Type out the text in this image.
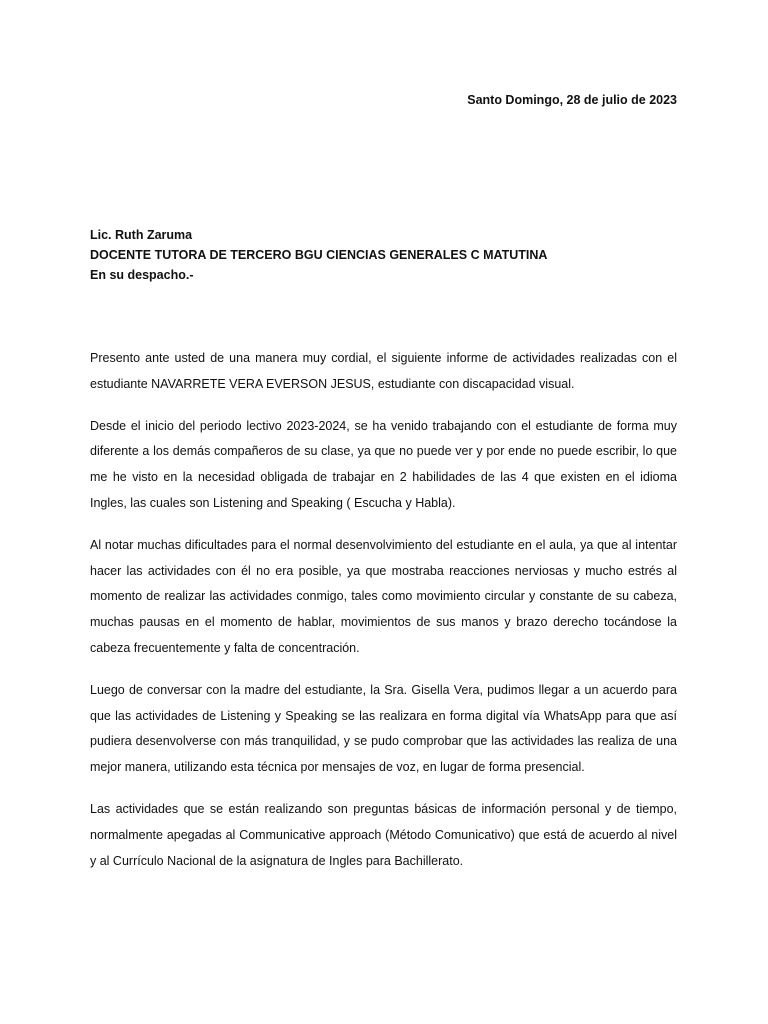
Santo Domingo, 28 de julio de 2023
Lic. Ruth Zaruma
DOCENTE TUTORA DE TERCERO BGU CIENCIAS GENERALES C MATUTINA
En su despacho.-

Presento ante usted de una manera muy cordial, el siguiente informe de actividades realizadas con el estudiante NAVARRETE VERA EVERSON JESUS, estudiante con discapacidad visual.

Desde el inicio del periodo lectivo 2023-2024, se ha venido trabajando con el estudiante de forma muy diferente a los demás compañeros de su clase, ya que no puede ver y por ende no puede escribir, lo que me he visto en la necesidad obligada de trabajar en 2 habilidades de las 4 que existen en el idioma Ingles, las cuales son Listening and Speaking ( Escucha y Habla).

Al notar muchas dificultades para el normal desenvolvimiento del estudiante en el aula, ya que al intentar hacer las actividades con él no era posible, ya que mostraba reacciones nerviosas y mucho estrés al momento de realizar las actividades conmigo, tales como movimiento circular y constante de su cabeza, muchas pausas en el momento de hablar, movimientos de sus manos y brazo derecho tocándose la cabeza frecuentemente y falta de concentración.

Luego de conversar con la madre del estudiante, la Sra. Gisella Vera, pudimos llegar a un acuerdo para que las actividades de Listening y Speaking se las realizara en forma digital vía WhatsApp para que así pudiera desenvolverse con más tranquilidad, y se pudo comprobar que las actividades las realiza de una mejor manera, utilizando esta técnica por mensajes de voz, en lugar de forma presencial.

Las actividades que se están realizando son preguntas básicas de información personal y de tiempo, normalmente apegadas al Communicative approach (Método Comunicativo) que está de acuerdo al nivel y al Currículo Nacional de la asignatura de Ingles para Bachillerato.
